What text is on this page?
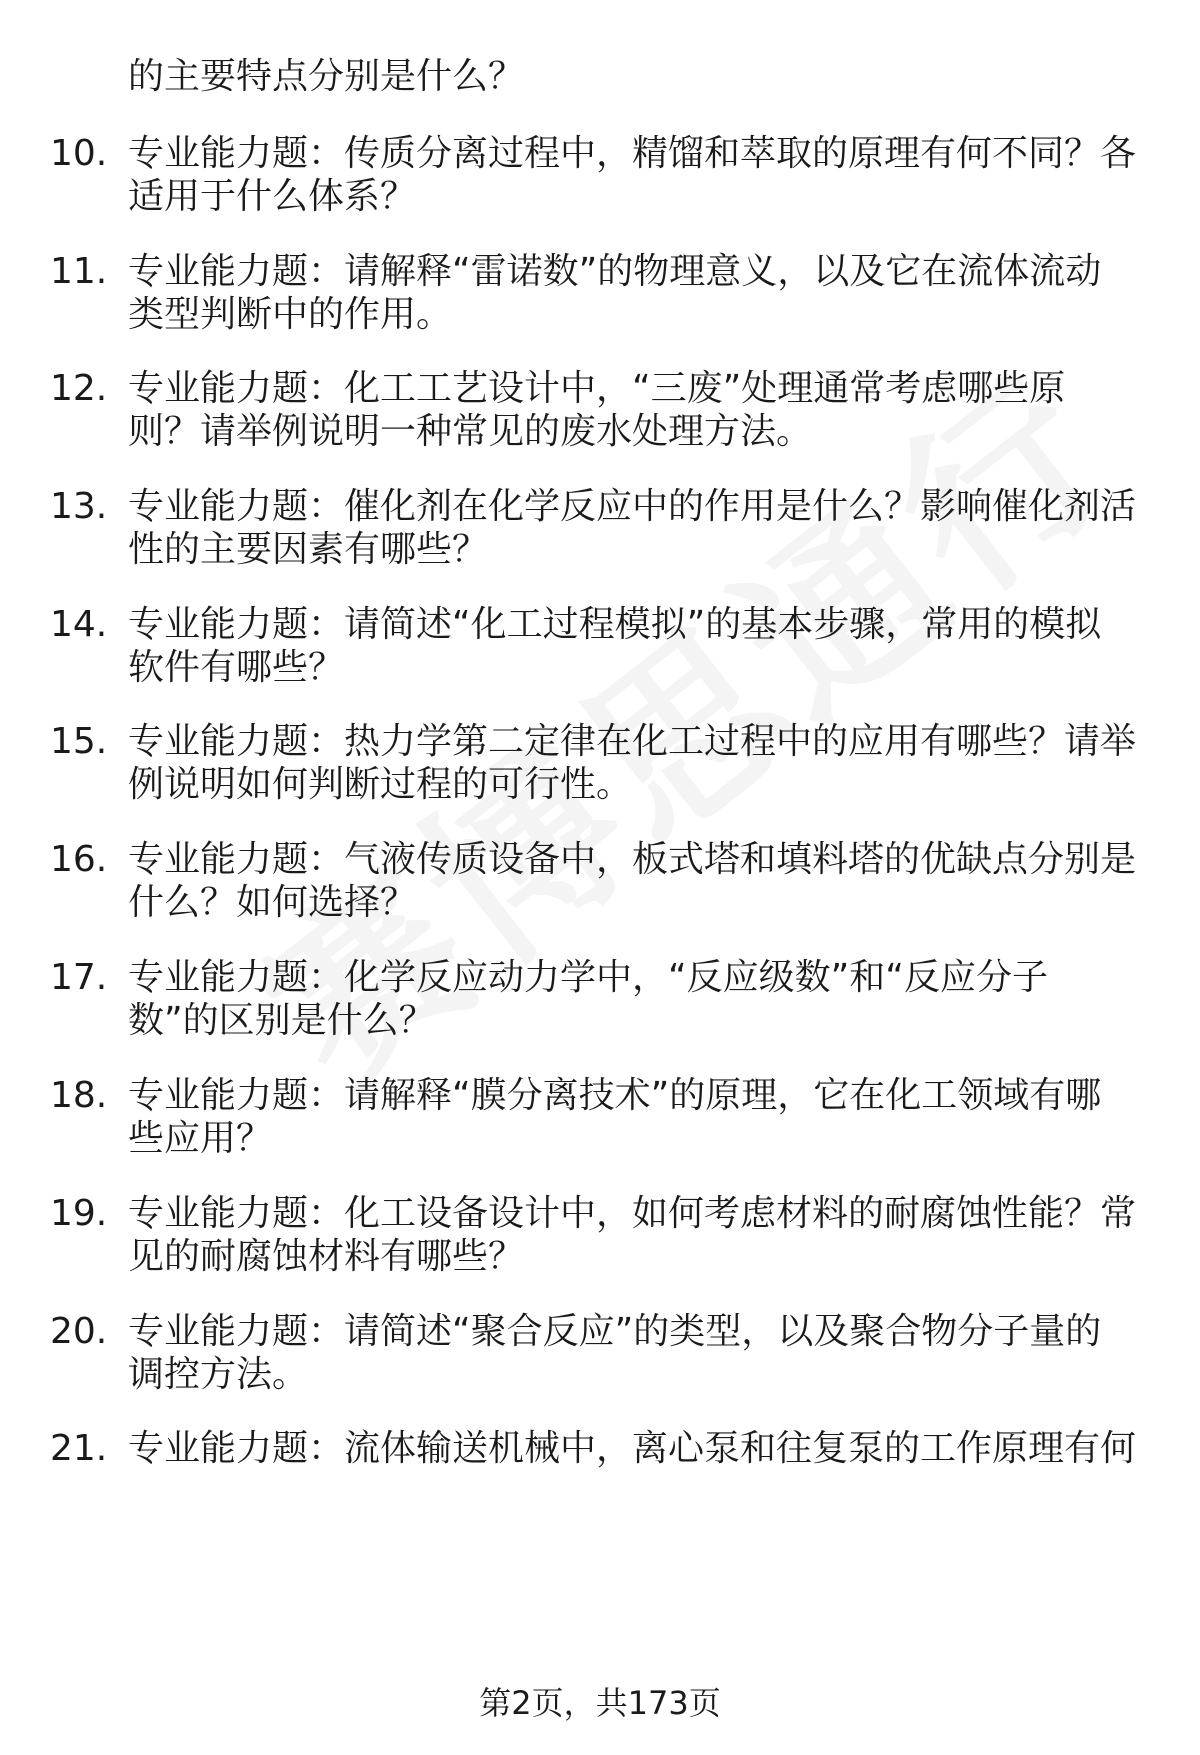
的主要特点分别是什么？
10. 专业能力题：传质分离过程中，精馏和萃取的原理有何不同？各
适用于什么体系？
11. 专业能力题：请解释“雷诺数”的物理意义，以及它在流体流动
类型判断中的作用。
12. 专业能力题：化工工艺设计中，“三废”处理通常考虑哪些原
则？请举例说明一种常见的废水处理方法。
13. 专业能力题：催化剂在化学反应中的作用是什么？影响催化剂活
性的主要因素有哪些？
14. 专业能力题：请简述“化工过程模拟”的基本步骤，常用的模拟
软件有哪些？
15. 专业能力题：热力学第二定律在化工过程中的应用有哪些？请举
例说明如何判断过程的可行性。
16. 专业能力题：气液传质设备中，板式塔和填料塔的优缺点分别是
什么？如何选择？
17. 专业能力题：化学反应动力学中，“反应级数”和“反应分子
数”的区别是什么？
18. 专业能力题：请解释“膜分离技术”的原理，它在化工领域有哪
些应用？
19. 专业能力题：化工设备设计中，如何考虑材料的耐腐蚀性能？常
见的耐腐蚀材料有哪些？
20. 专业能力题：请简述“聚合反应”的类型，以及聚合物分子量的
调控方法。
21. 专业能力题：流体输送机械中，离心泵和往复泵的工作原理有何
第2页，共173页
